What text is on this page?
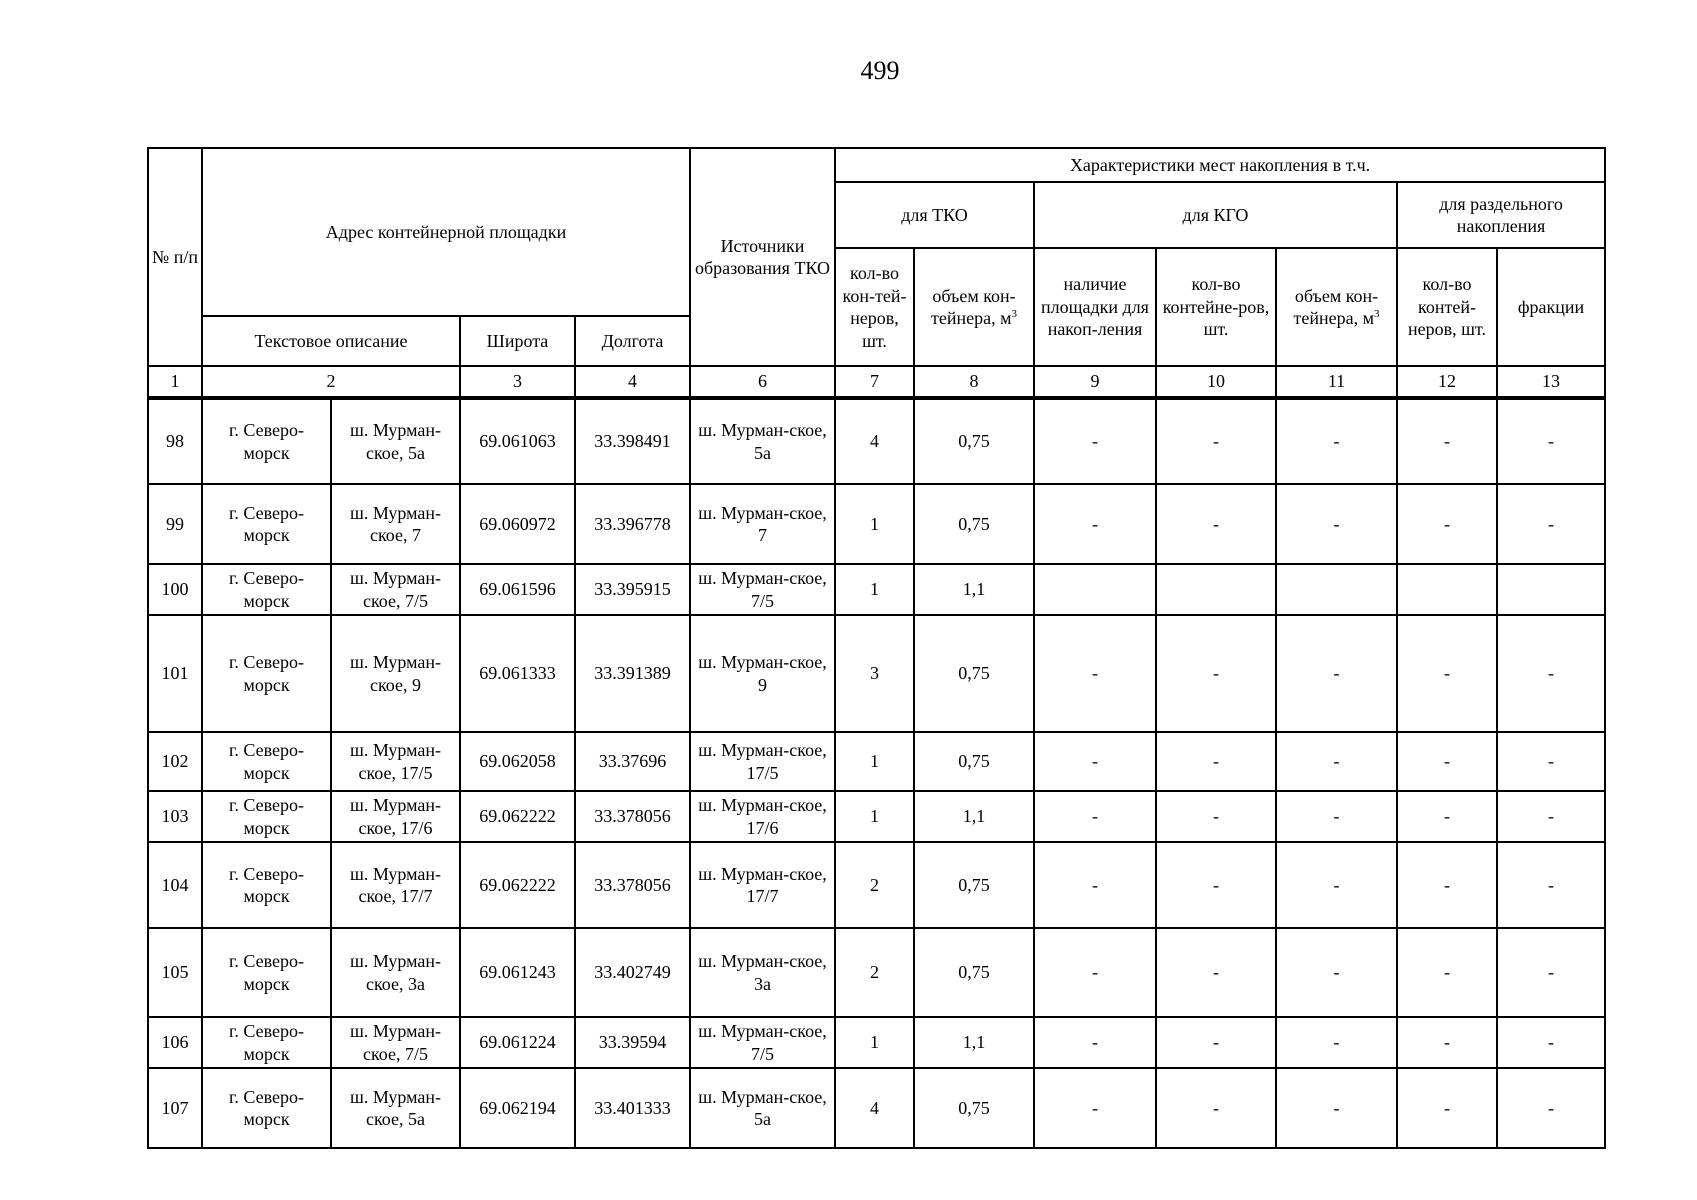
499
№ п/п	Адрес контейнерной площадки				Источники образования ТКО	Характеристики мест накопления в т.ч.						
						для ТКО		для КГО			для раздельного накопления	
						кол-во кон-тей-неров, шт.	объем кон-тейнера, $м^3$	наличие площадки для накоп-ления	кол-во контейне-ров, шт.	объем кон-тейнера, $м^3$	кол-во контей-неров, шт.	фракции
	Текстовое описание		Широта	Долгота								
1	2		3	4	6	7	8	9	10	11	12	13
98	г. Северо-морск	ш. Мурман-ское, 5а	69.061063	33.398491	ш. Мурман-ское, 5а	4	0,75	-	-	-	-	-
99	г. Северо-морск	ш. Мурман-ское, 7	69.060972	33.396778	ш. Мурман-ское, 7	1	0,75	-	-	-	-	-
100	г. Северо-морск	ш. Мурман-ское, 7/5	69.061596	33.395915	ш. Мурман-ское, 7/5	1	1,1					
101	г. Северо-морск	ш. Мурман-ское, 9	69.061333	33.391389	ш. Мурман-ское, 9	3	0,75	-	-	-	-	-
102	г. Северо-морск	ш. Мурман-ское, 17/5	69.062058	33.37696	ш. Мурман-ское, 17/5	1	0,75	-	-	-	-	-
103	г. Северо-морск	ш. Мурман-ское, 17/6	69.062222	33.378056	ш. Мурман-ское, 17/6	1	1,1	-	-	-	-	-
104	г. Северо-морск	ш. Мурман-ское, 17/7	69.062222	33.378056	ш. Мурман-ское, 17/7	2	0,75	-	-	-	-	-
105	г. Северо-морск	ш. Мурман-ское, 3а	69.061243	33.402749	ш. Мурман-ское, 3а	2	0,75	-	-	-	-	-
106	г. Северо-морск	ш. Мурман-ское, 7/5	69.061224	33.39594	ш. Мурман-ское, 7/5	1	1,1	-	-	-	-	-
107	г. Северо-морск	ш. Мурман-ское, 5а	69.062194	33.401333	ш. Мурман-ское, 5а	4	0,75	-	-	-	-	-
